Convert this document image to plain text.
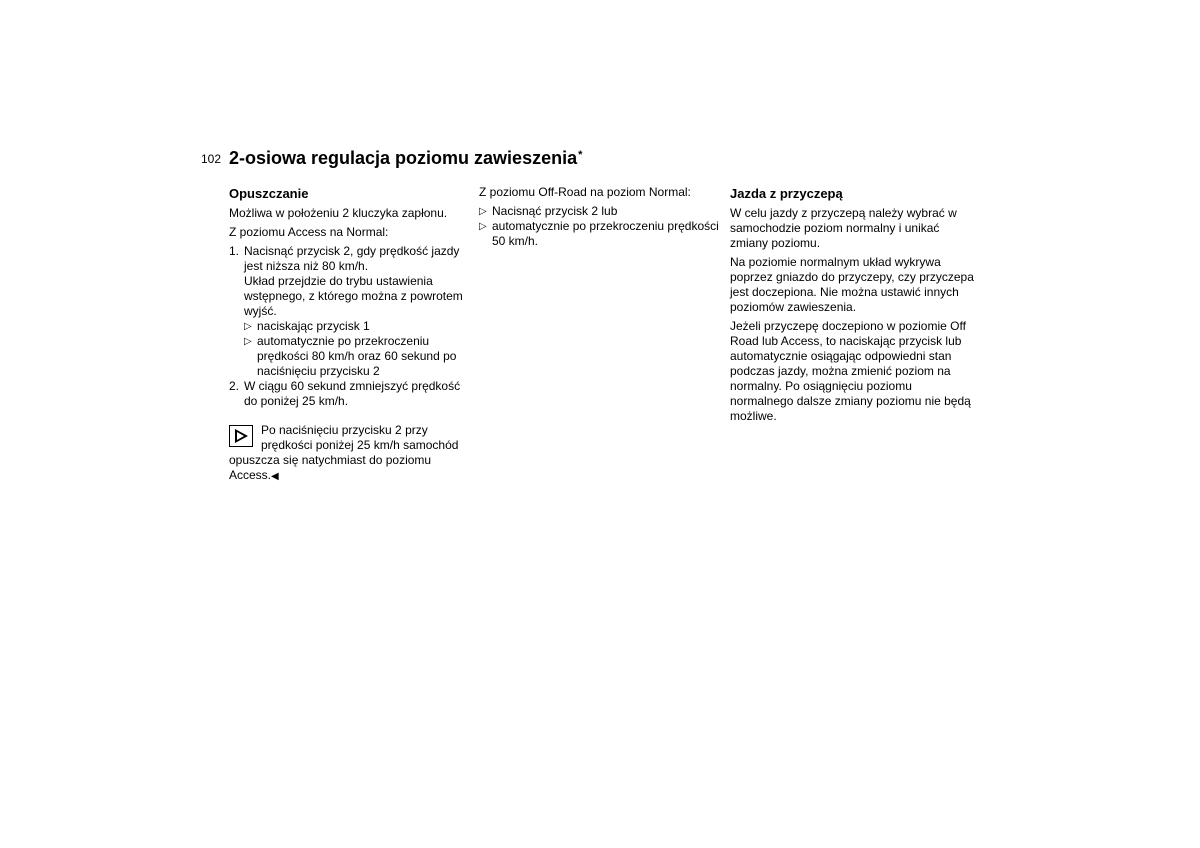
102 2-osiowa regulacja poziomu zawieszenia*
Opuszczanie
Możliwa w położeniu 2 kluczyka zapłonu.
Z poziomu Access na Normal:
1. Nacisnąć przycisk 2, gdy prędkość jazdy jest niższa niż 80 km/h.
Układ przejdzie do trybu ustawienia wstępnego, z którego można z powrotem wyjść.
▷ naciskając przycisk 1
▷ automatycznie po przekroczeniu prędkości 80 km/h oraz 60 sekund po naciśnięciu przycisku 2
2. W ciągu 60 sekund zmniejszyć prędkość do poniżej 25 km/h.
Po naciśnięciu przycisku 2 przy prędkości poniżej 25 km/h samochód opuszcza się natychmiast do poziomu Access.◀
Z poziomu Off-Road na poziom Normal:
▷ Nacisnąć przycisk 2 lub
▷ automatycznie po przekroczeniu prędkości 50 km/h.
Jazda z przyczepą
W celu jazdy z przyczepą należy wybrać w samochodzie poziom normalny i unikać zmiany poziomu.
Na poziomie normalnym układ wykrywa poprzez gniazdo do przyczepy, czy przyczepa jest doczepiona. Nie można ustawić innych poziomów zawieszenia.
Jeżeli przyczepę doczepiono w poziomie Off Road lub Access, to naciskając przycisk lub automatycznie osiągając odpowiedni stan podczas jazdy, można zmienić poziom na normalny. Po osiągnięciu poziomu normalnego dalsze zmiany poziomu nie będą możliwe.
